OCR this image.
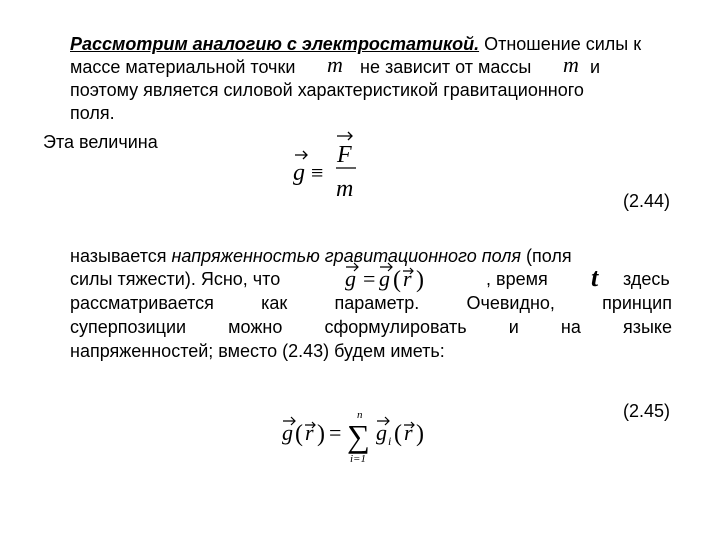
Рассмотрим аналогию с электростатикой. Отношение силы к
массе материальной точки m не зависит от массы m и
поэтому является силовой характеристикой гравитационного
поля.
Эта величина
g ≡
F
m	(2.44)
называется напряженностью гравитационного поля (поля
силы тяжести). Ясно, что	g = g ( r )	, время t здесь
рассматривается как параметр. Очевидно, принцип
суперпозиции можно сформулировать и на языке
напряженностей; вместо (2.43) будем иметь:
g ( r ) =
n
∑
i=1
g i ( r )
(2.45)
